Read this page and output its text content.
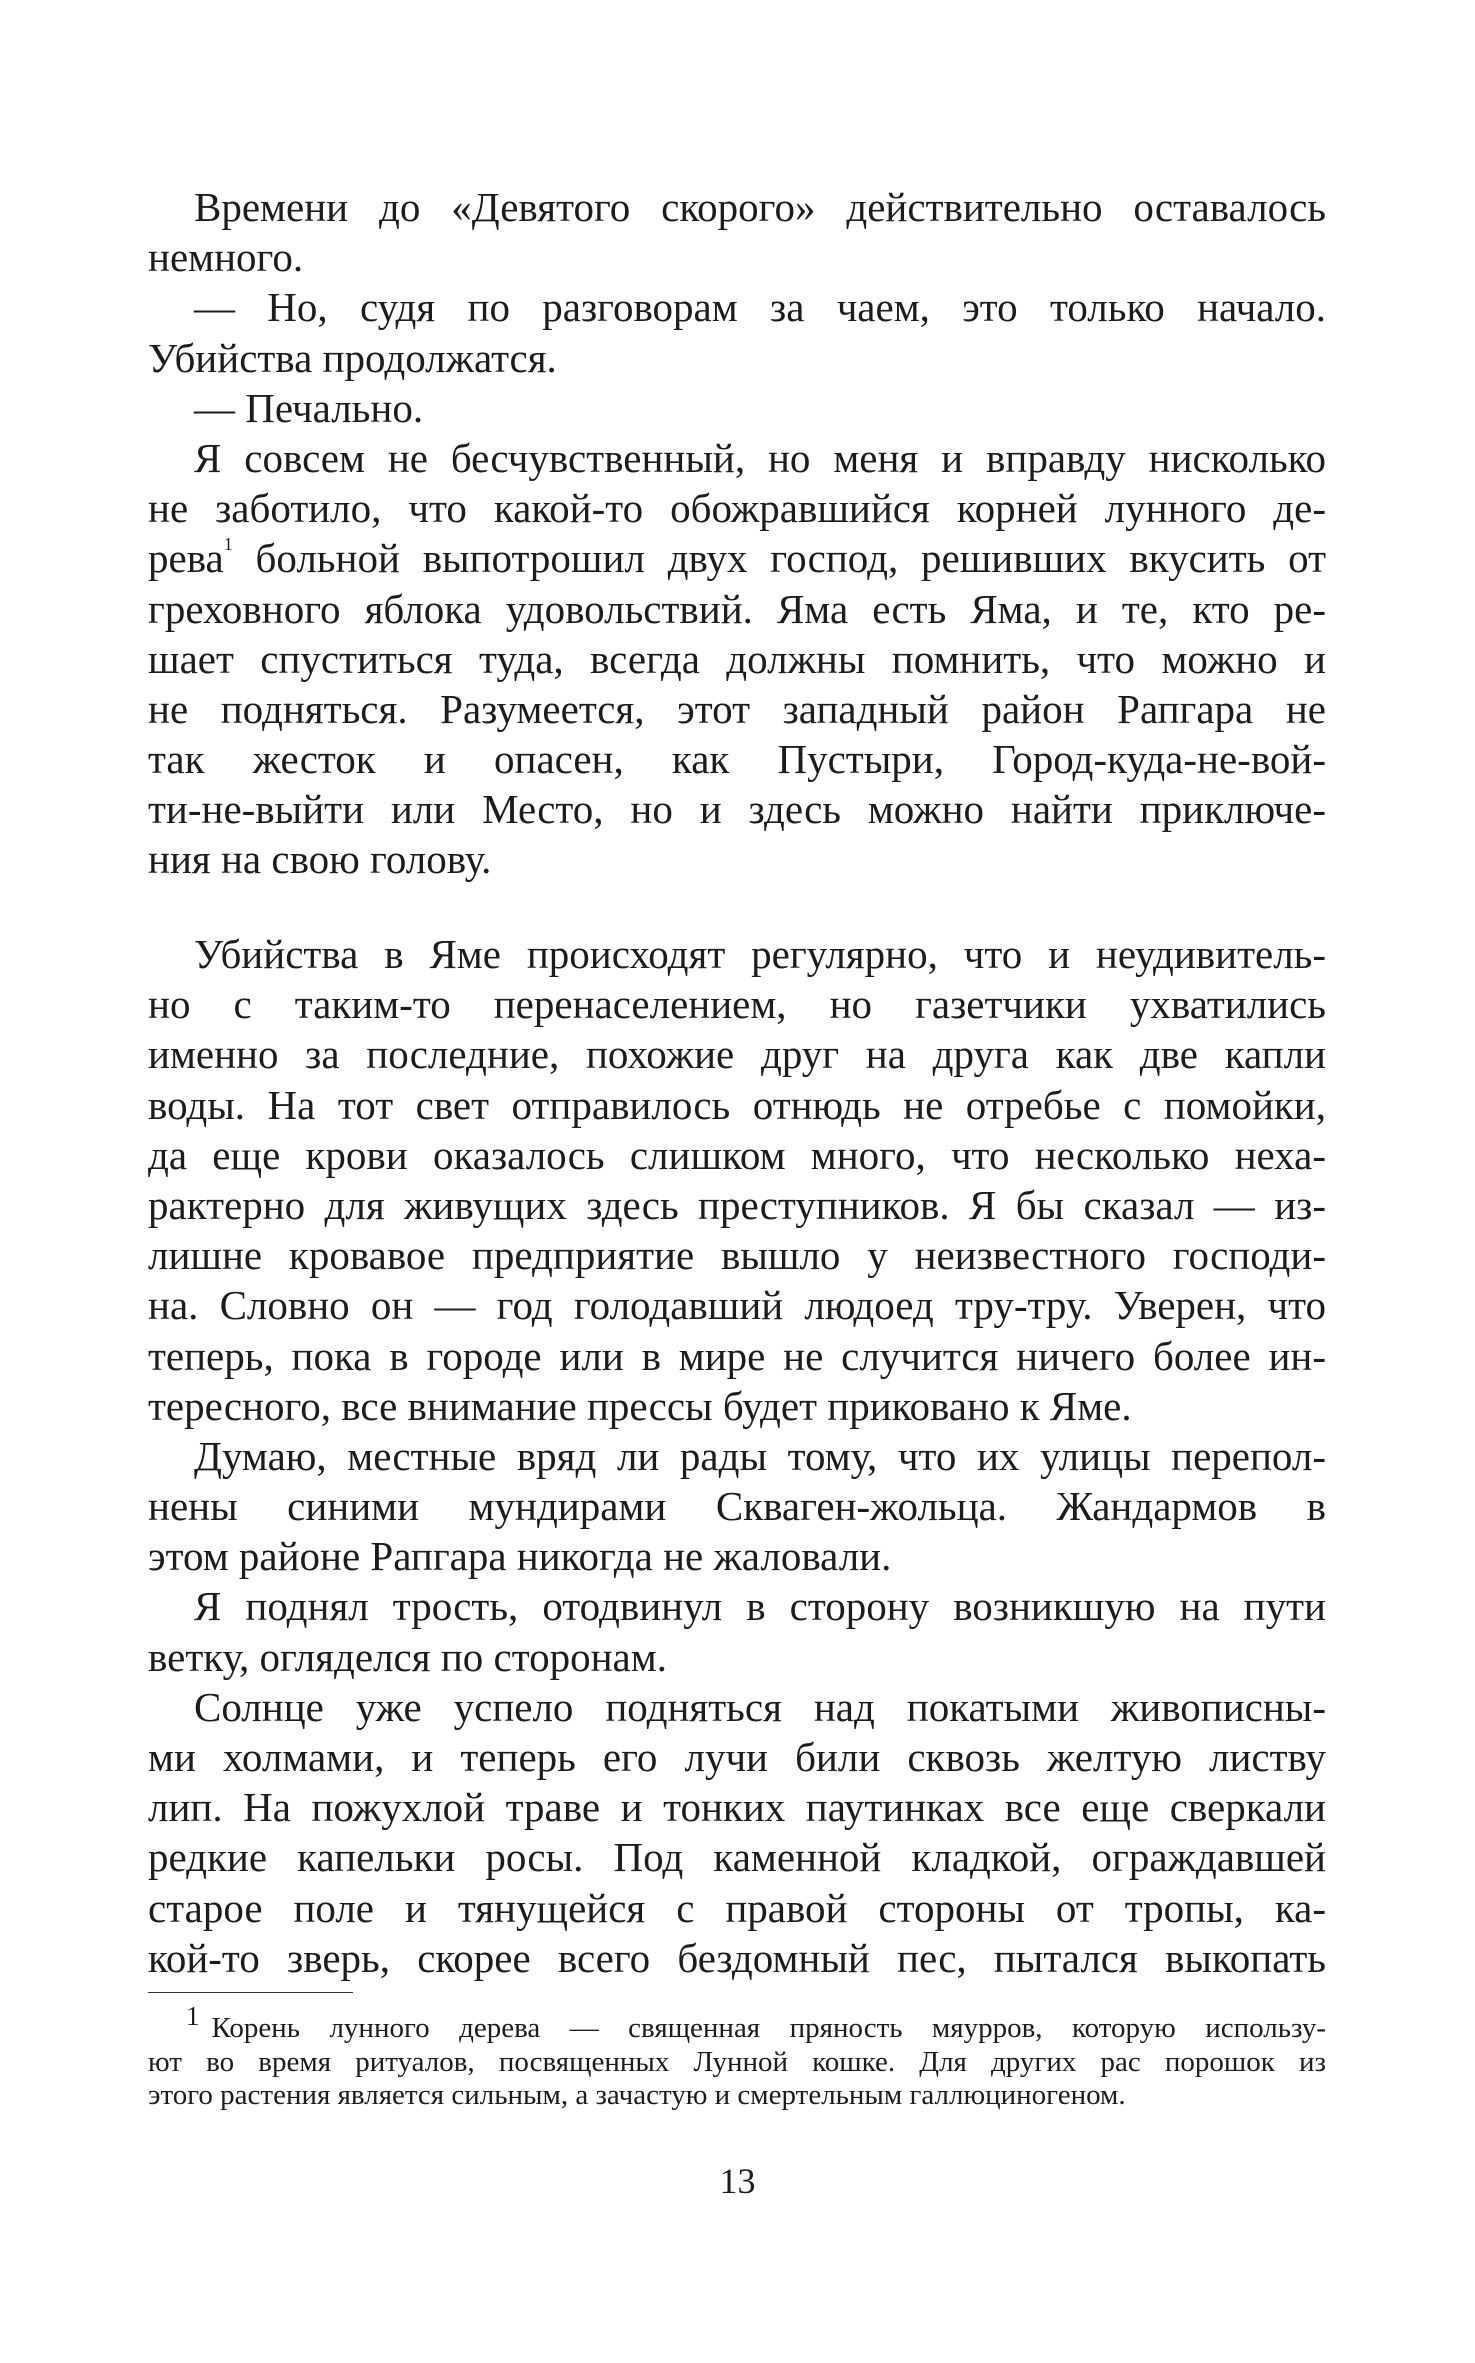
Времени до «Девятого скорого» действительно оставалось
немного.
— Но, судя по разговорам за чаем, это только начало.
Убийства продолжатся.
— Печально.
Я совсем не бесчувственный, но меня и вправду нисколько
не заботило, что какой-то обожравшийся корней лунного де-
рева$^1$ больной выпотрошил двух господ, решивших вкусить от
греховного яблока удовольствий. Яма есть Яма, и те, кто ре-
шает спуститься туда, всегда должны помнить, что можно и
не подняться. Разумеется, этот западный район Рапгара не
так жесток и опасен, как Пустыри, Город-куда-не-вой-
ти-не-выйти или Место, но и здесь можно найти приключе-
ния на свою голову.
Убийства в Яме происходят регулярно, что и неудивитель-
но с таким-то перенаселением, но газетчики ухватились
именно за последние, похожие друг на друга как две капли
воды. На тот свет отправилось отнюдь не отребье с помойки,
да еще крови оказалось слишком много, что несколько неха-
рактерно для живущих здесь преступников. Я бы сказал — из-
лишне кровавое предприятие вышло у неизвестного господи-
на. Словно он — год голодавший людоед тру-тру. Уверен, что
теперь, пока в городе или в мире не случится ничего более ин-
тересного, все внимание прессы будет приковано к Яме.
Думаю, местные вряд ли рады тому, что их улицы перепол-
нены синими мундирами Скваген-жольца. Жандармов в
этом районе Рапгара никогда не жаловали.
Я поднял трость, отодвинул в сторону возникшую на пути
ветку, огляделся по сторонам.
Солнце уже успело подняться над покатыми живописны-
ми холмами, и теперь его лучи били сквозь желтую листву
лип. На пожухлой траве и тонких паутинках все еще сверкали
редкие капельки росы. Под каменной кладкой, ограждавшей
старое поле и тянущейся с правой стороны от тропы, ка-
кой-то зверь, скорее всего бездомный пес, пытался выкопать
1 Корень лунного дерева — священная пряность мяурров, которую использу-
ют во время ритуалов, посвященных Лунной кошке. Для других рас порошок из
этого растения является сильным, а зачастую и смертельным галлюциногеном.
13
